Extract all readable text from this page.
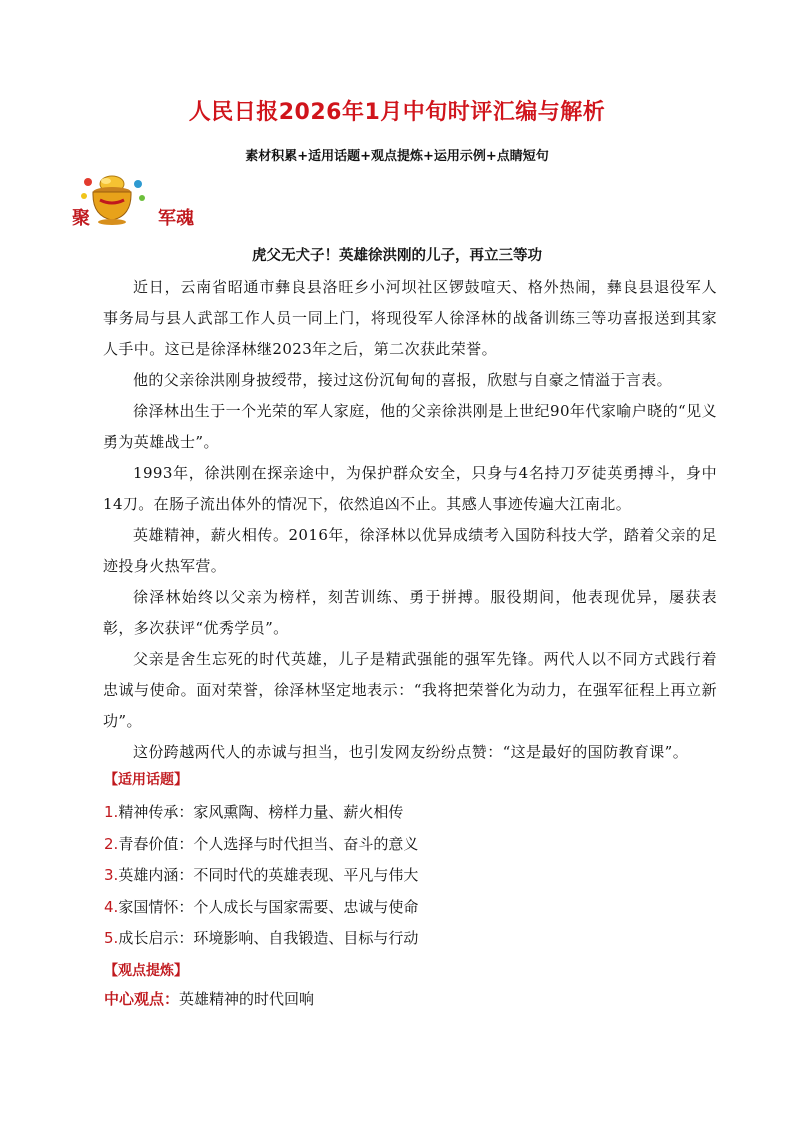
人民日报2026年1月中旬时评汇编与解析
素材积累+适用话题+观点提炼+运用示例+点睛短句
聚	军魂
虎父无犬子！英雄徐洪刚的儿子，再立三等功

近日，云南省昭通市彝良县洛旺乡小河坝社区锣鼓喧天、格外热闹，彝良县退役军人事务局与县人武部工作人员一同上门，将现役军人徐泽林的战备训练三等功喜报送到其家人手中。这已是徐泽林继2023年之后，第二次获此荣誉。

他的父亲徐洪刚身披绶带，接过这份沉甸甸的喜报，欣慰与自豪之情溢于言表。

徐泽林出生于一个光荣的军人家庭，他的父亲徐洪刚是上世纪90年代家喻户晓的“见义勇为英雄战士”。

1993年，徐洪刚在探亲途中，为保护群众安全，只身与4名持刀歹徒英勇搏斗，身中14刀。在肠子流出体外的情况下，依然追凶不止。其感人事迹传遍大江南北。

英雄精神，薪火相传。2016年，徐泽林以优异成绩考入国防科技大学，踏着父亲的足迹投身火热军营。

徐泽林始终以父亲为榜样，刻苦训练、勇于拼搏。服役期间，他表现优异，屡获表彰，多次获评“优秀学员”。

父亲是舍生忘死的时代英雄，儿子是精武强能的强军先锋。两代人以不同方式践行着忠诚与使命。面对荣誉，徐泽林坚定地表示：“我将把荣誉化为动力，在强军征程上再立新功”。

这份跨越两代人的赤诚与担当，也引发网友纷纷点赞：“这是最好的国防教育课”。

【适用话题】
1.精神传承：家风熏陶、榜样力量、薪火相传
2.青春价值：个人选择与时代担当、奋斗的意义
3.英雄内涵：不同时代的英雄表现、平凡与伟大
4.家国情怀：个人成长与国家需要、忠诚与使命
5.成长启示：环境影响、自我锻造、目标与行动
【观点提炼】
中心观点：英雄精神的时代回响
